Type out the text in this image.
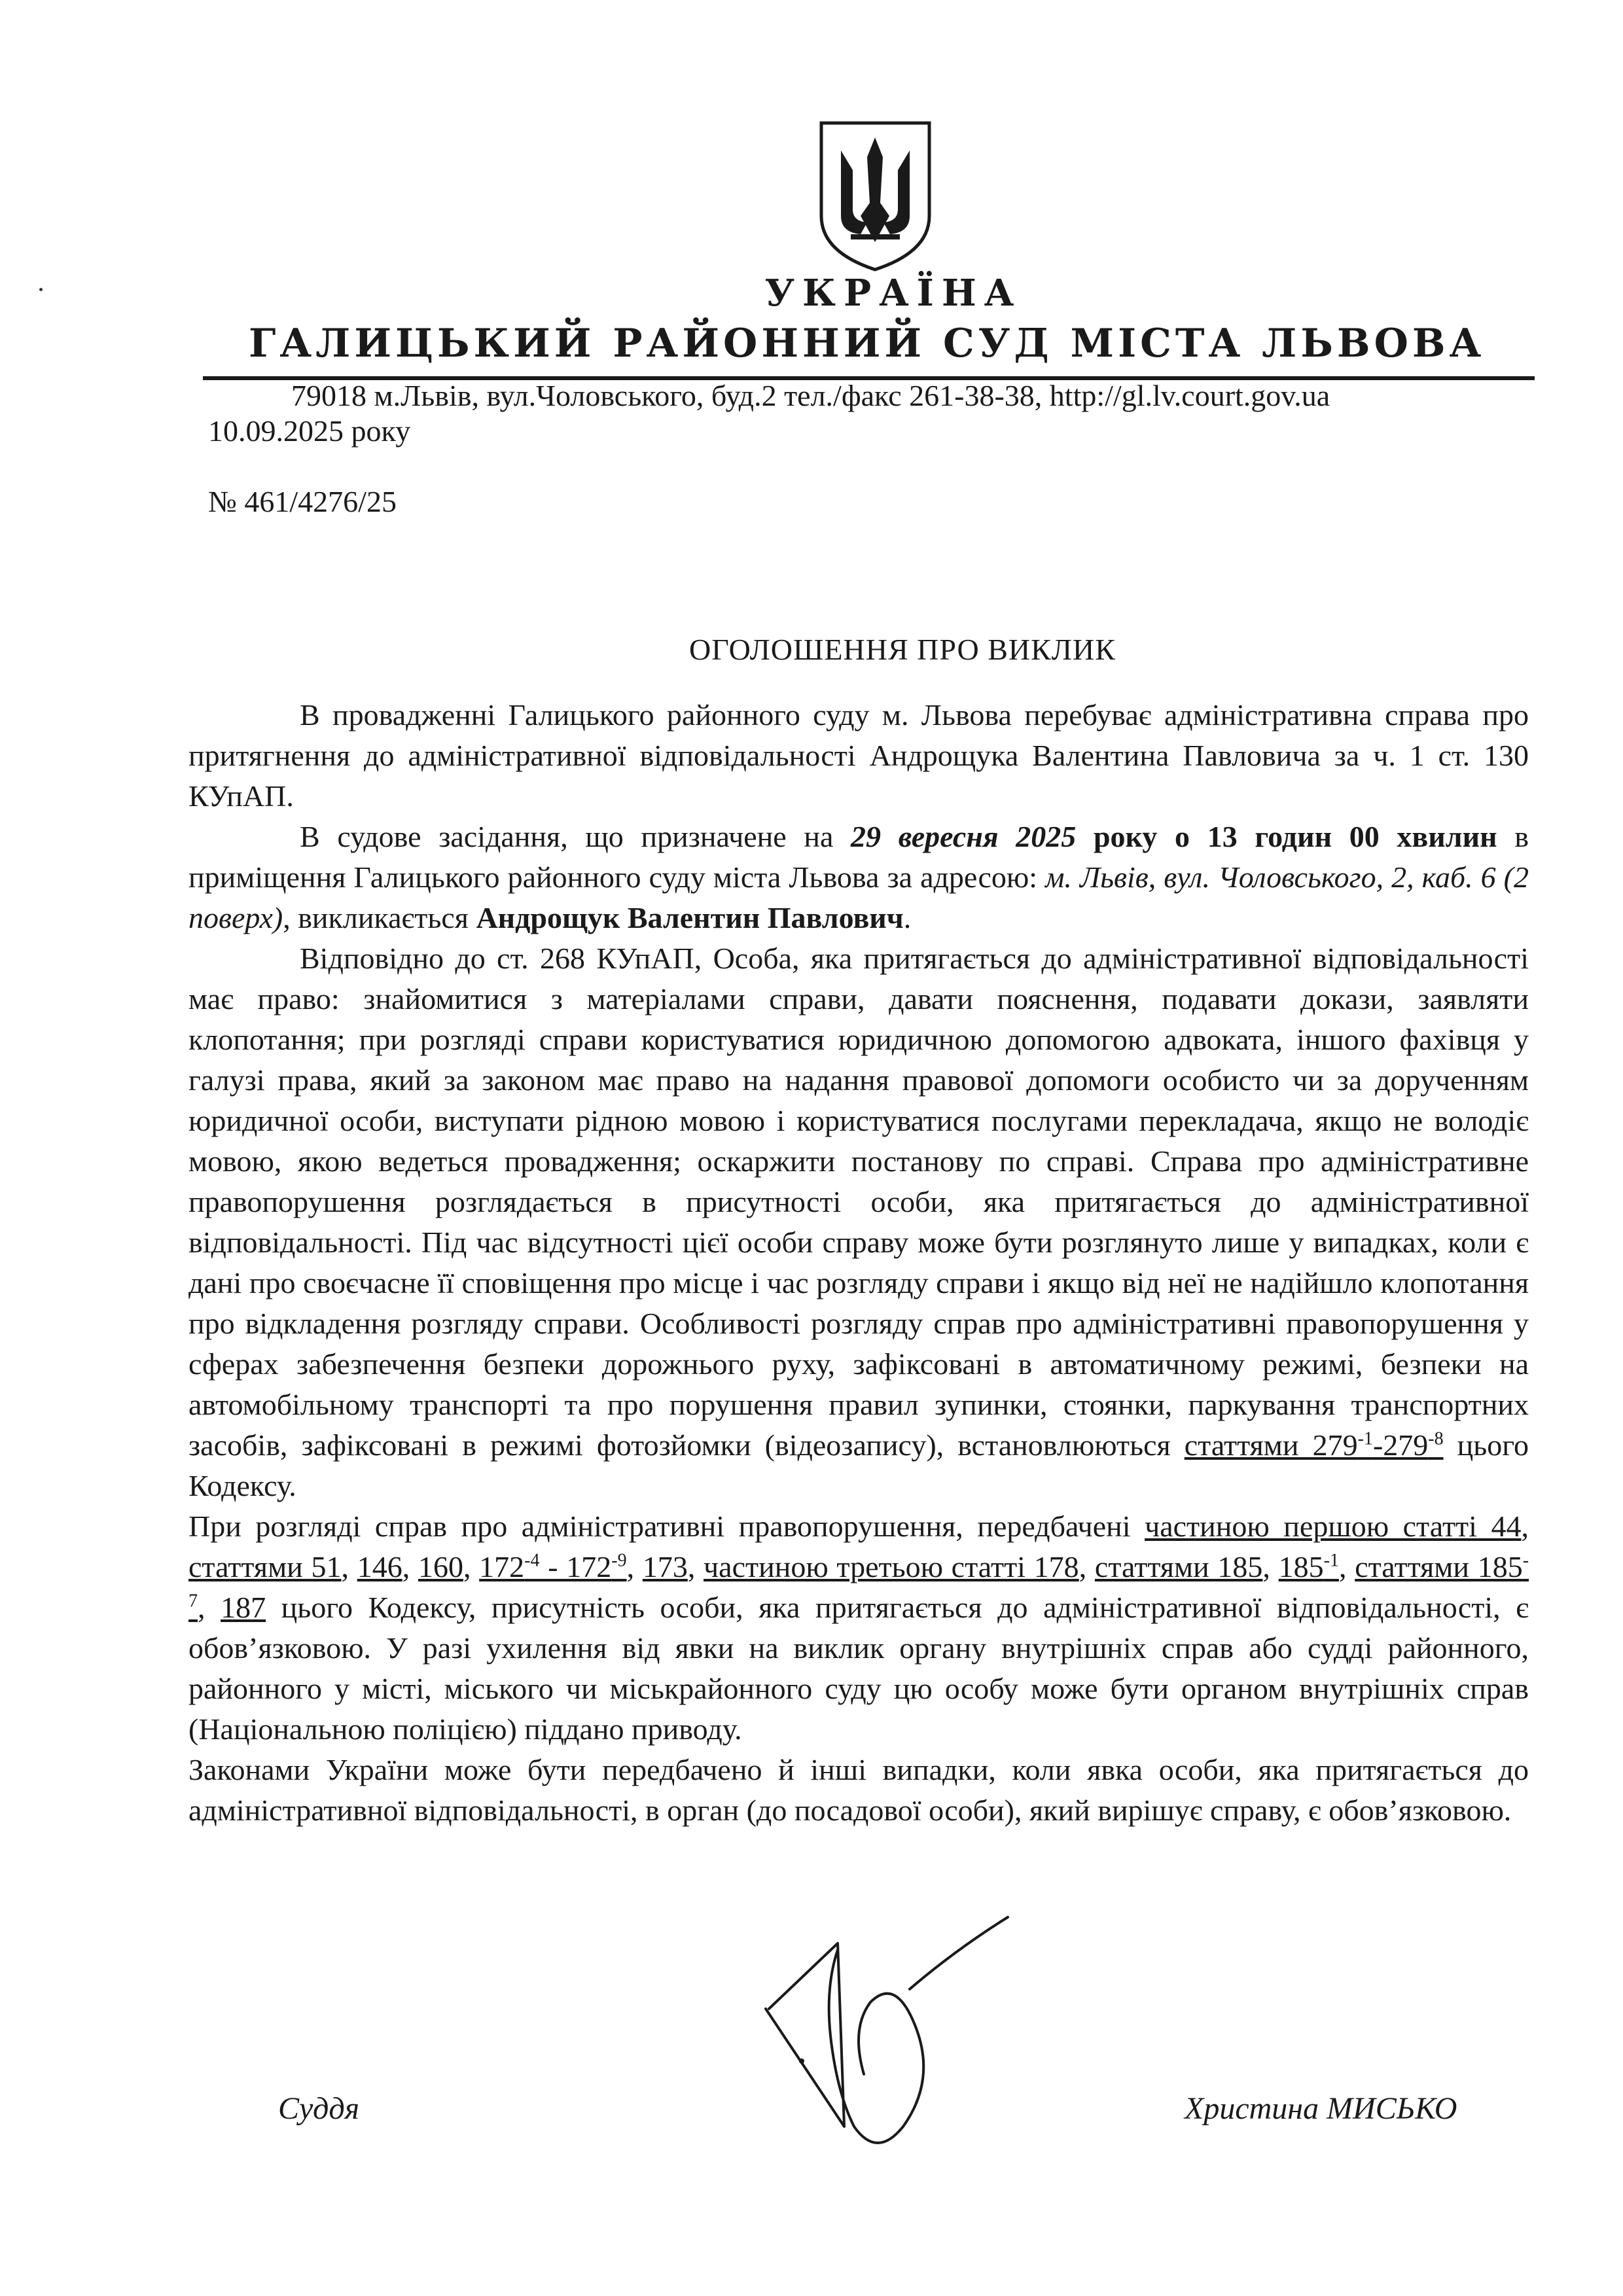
УКРАЇНА
ГАЛИЦЬКИЙ РАЙОННИЙ СУД МІСТА ЛЬВОВА
79018 м.Львів, вул.Чоловського, буд.2 тел./факс 261-38-38, http://gl.lv.court.gov.ua
10.09.2025 року
№ 461/4276/25
ОГОЛОШЕННЯ ПРО ВИКЛИК

В провадженні Галицького районного суду м. Львова перебуває адміністративна справа про притягнення до адміністративної відповідальності Андрощука Валентина Павловича за ч. 1 ст. 130 КУпАП.

В судове засідання, що призначене на 29 вересня 2025 року о 13 годин 00 хвилин в приміщення Галицького районного суду міста Львова за адресою: м. Львів, вул. Чоловського, 2, каб. 6 (2 поверх), викликається Андрощук Валентин Павлович.

Відповідно до ст. 268 КУпАП, Особа, яка притягається до адміністративної відповідальності має право: знайомитися з матеріалами справи, давати пояснення, подавати докази, заявляти клопотання; при розгляді справи користуватися юридичною допомогою адвоката, іншого фахівця у галузі права, який за законом має право на надання правової допомоги особисто чи за дорученням юридичної особи, виступати рідною мовою і користуватися послугами перекладача, якщо не володіє мовою, якою ведеться провадження; оскаржити постанову по справі. Справа про адміністративне правопорушення розглядається в присутності особи, яка притягається до адміністративної відповідальності. Під час відсутності цієї особи справу може бути розглянуто лише у випадках, коли є дані про своєчасне її сповіщення про місце і час розгляду справи і якщо від неї не надійшло клопотання про відкладення розгляду справи. Особливості розгляду справ про адміністративні правопорушення у сферах забезпечення безпеки дорожнього руху, зафіксовані в автоматичному режимі, безпеки на автомобільному транспорті та про порушення правил зупинки, стоянки, паркування транспортних засобів, зафіксовані в режимі фотозйомки (відеозапису), встановлюються статтями $279^{-1}-279^{-8}$ цього Кодексу.

При розгляді справ про адміністративні правопорушення, передбачені частиною першою статті 44, статтями 51, 146, 160, $172^{-4} - 172^{-9}$, 173, частиною третьою статті 178, статтями 185, $185^{-1}$, статтями $185^{-7}$, 187 цього Кодексу, присутність особи, яка притягається до адміністративної відповідальності, є обов’язковою. У разі ухилення від явки на виклик органу внутрішніх справ або судді районного, районного у місті, міського чи міськрайонного суду цю особу може бути органом внутрішніх справ (Національною поліцією) піддано приводу.

Законами України може бути передбачено й інші випадки, коли явка особи, яка притягається до адміністративної відповідальності, в орган (до посадової особи), який вирішує справу, є обов’язковою.

Суддя	Христина МИСЬКО
